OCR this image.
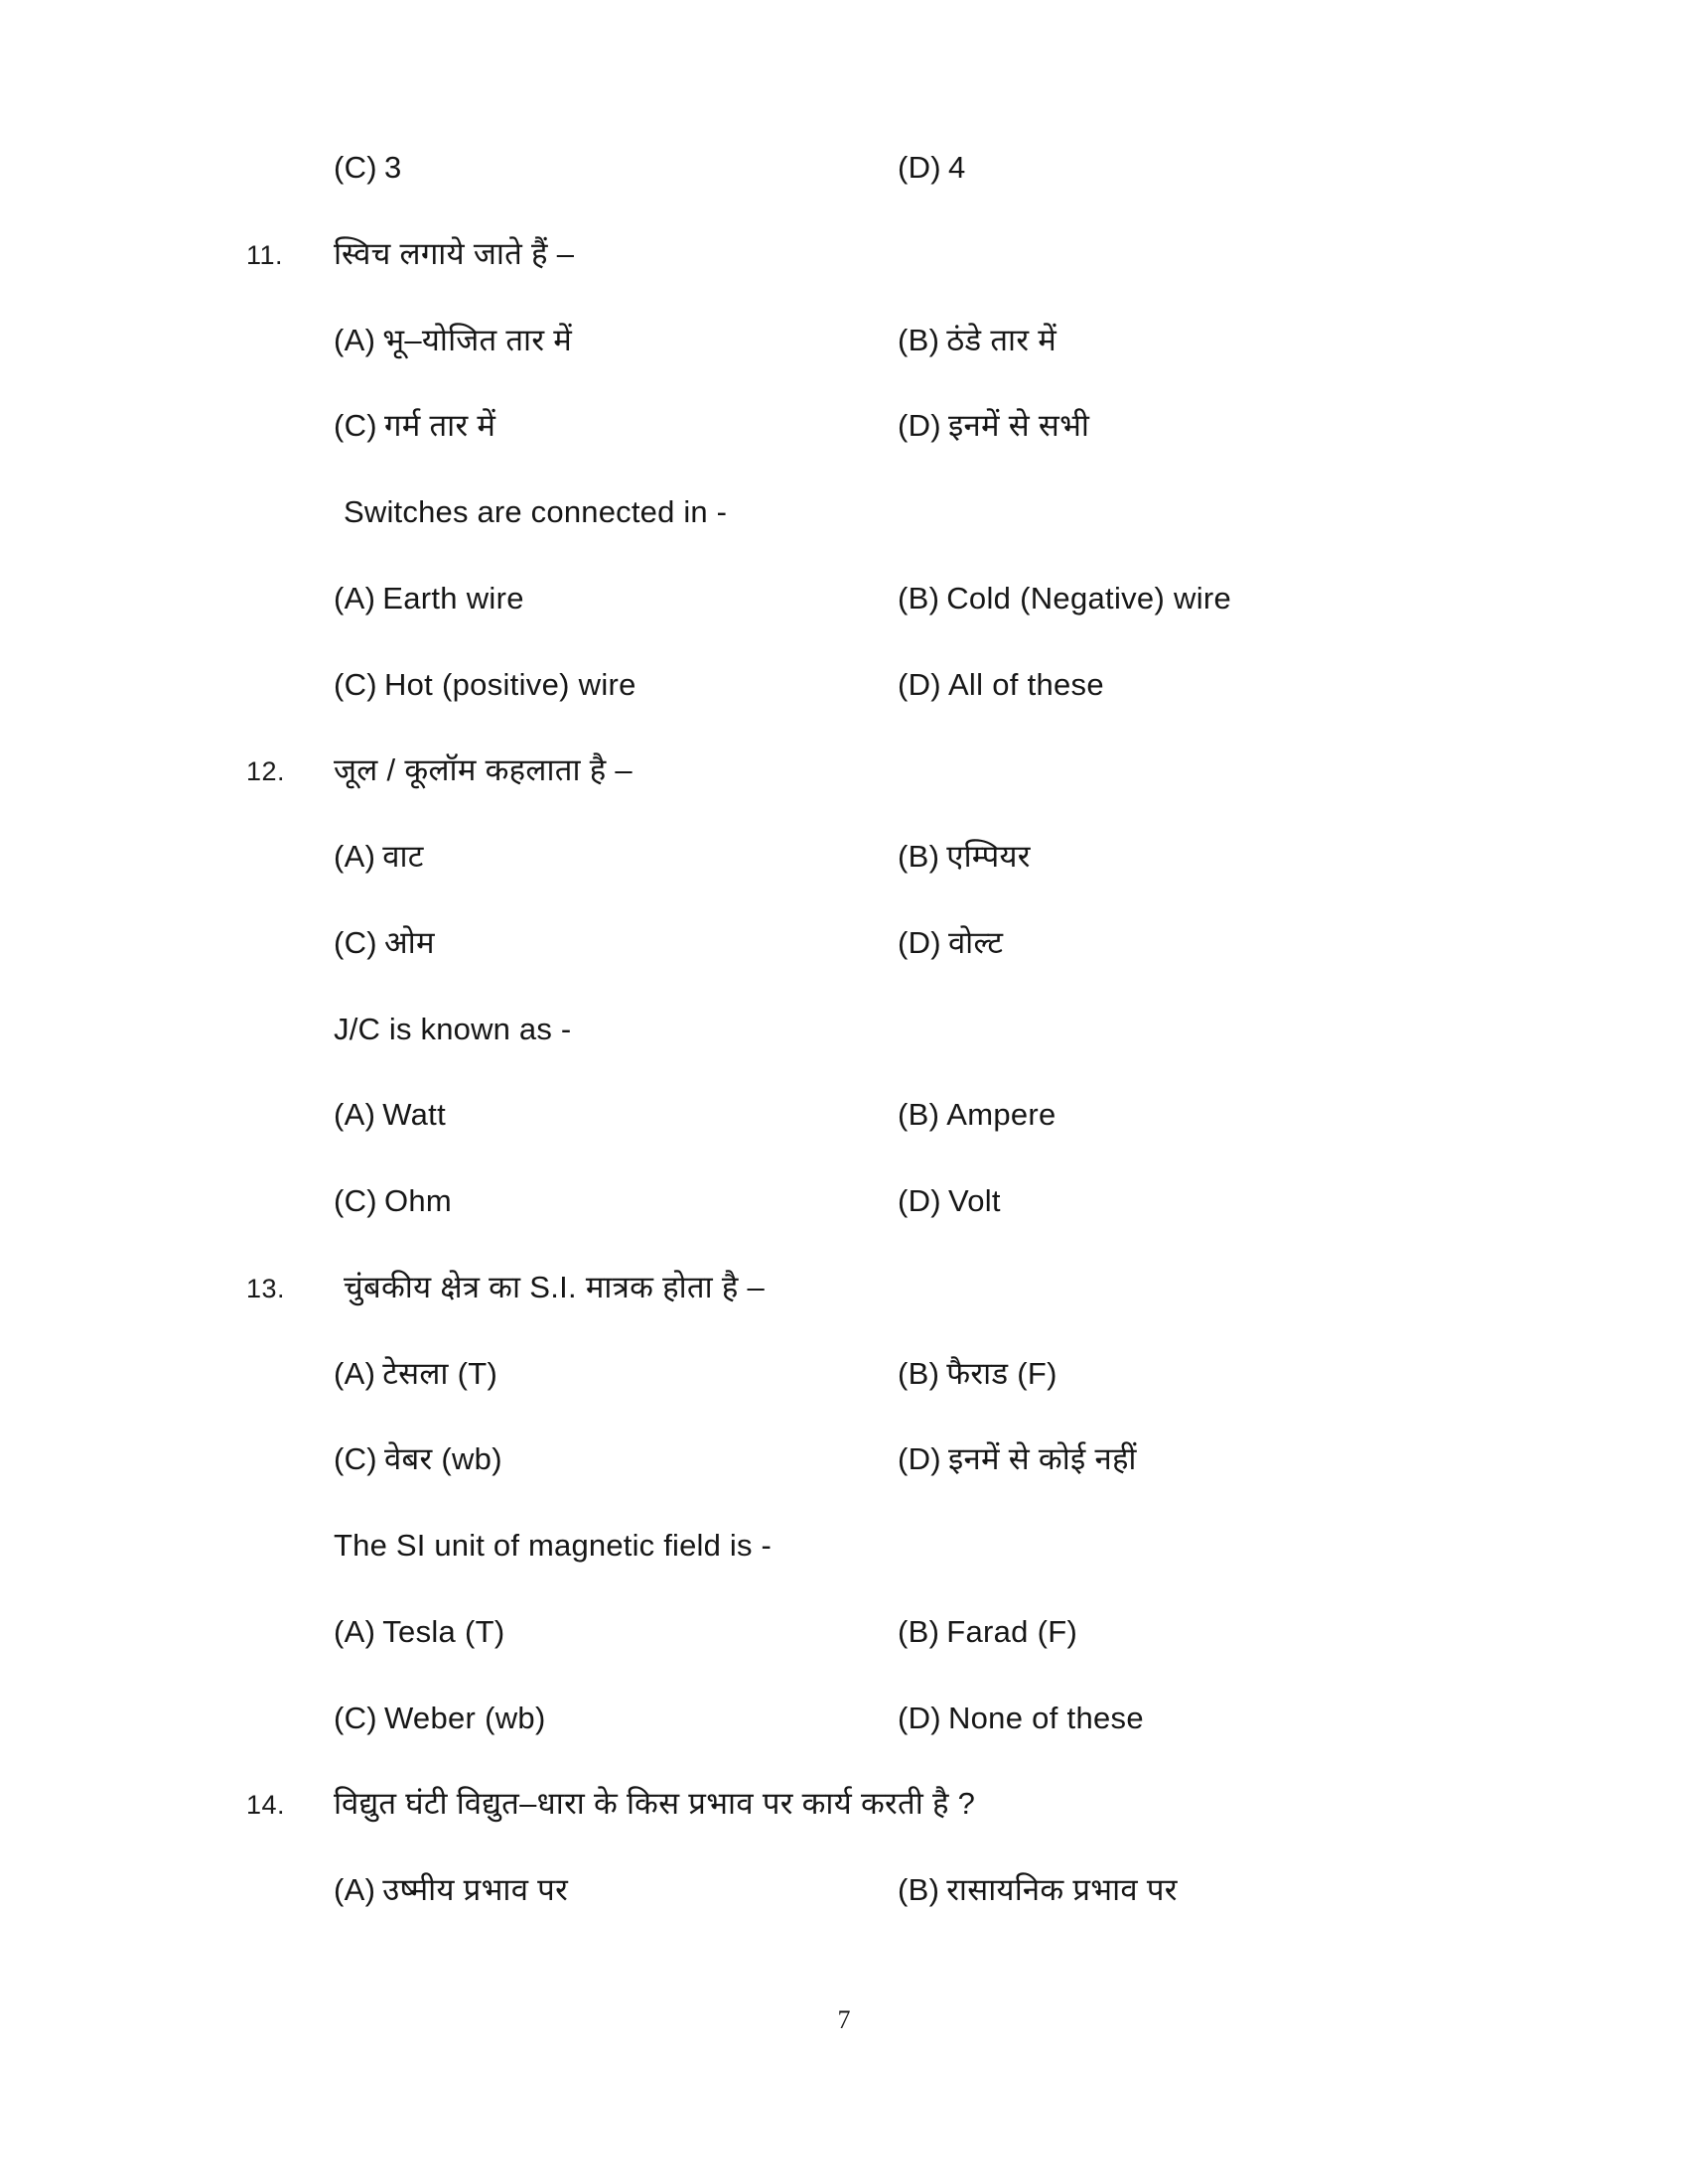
(C) 3	(D) 4
11.	स्विच लगाये जाते हैं –
(A) भू–योजित तार में	(B) ठंडे तार में
(C) गर्म तार में	(D) इनमें से सभी
Switches are connected in -
(A) Earth wire	(B) Cold (Negative) wire
(C) Hot (positive) wire	(D) All of these
12.	जूल / कूलॉम कहलाता है –
(A) वाट	(B) एम्पियर
(C) ओम	(D) वोल्ट
J/C is known as -
(A) Watt	(B) Ampere
(C) Ohm	(D) Volt
13.	चुंबकीय क्षेत्र का S.I. मात्रक होता है –
(A) टेसला (T)	(B) फैराड (F)
(C) वेबर (wb)	(D) इनमें से कोई नहीं
The SI unit of magnetic field is -
(A) Tesla (T)	(B) Farad (F)
(C) Weber (wb)	(D) None of these
14.	विद्युत घंटी विद्युत–धारा के किस प्रभाव पर कार्य करती है ?
(A) उष्मीय प्रभाव पर	(B) रासायनिक प्रभाव पर
7
